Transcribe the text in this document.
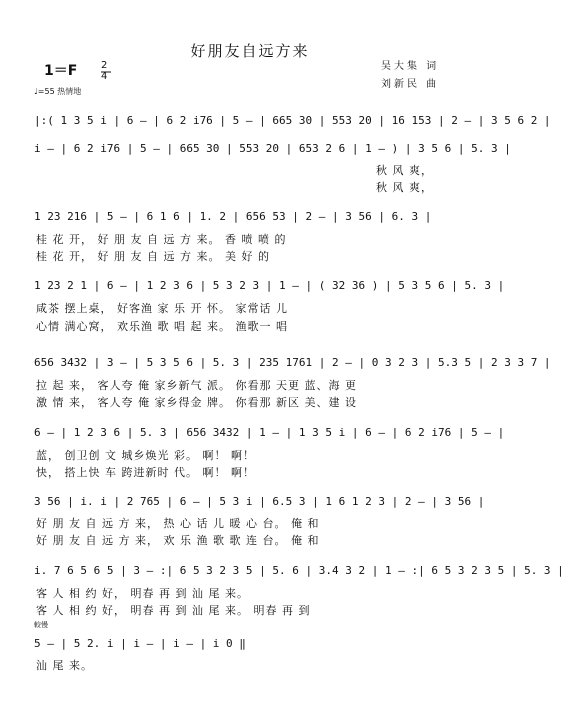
好朋友自远方来
1＝F 2
4
吴大集 词
刘新民 曲
♩=55 热情地
|:( 1 3 5 i | 6 — | 6 2 i76 | 5 — | 665 30 | 553 20 | 16 153 | 2 — | 3 5 6 2 |
i — | 6 2 i76 | 5 — | 665 30 | 553 20 | 653 2 6 | 1 — ) | 3 5 6 | 5. 3 |
秋 风 爽，
秋 风 爽，
1 23 216 | 5 — | 6 1 6 | 1. 2 | 656 53 | 2 — | 3 56 | 6. 3 |
桂 花 开， 好 朋 友 自 远 方 来。 香 喷 喷 的
桂 花 开， 好 朋 友 自 远 方 来。 美 好 的
1 23 2 1 | 6 — | 1 2 3 6 | 5 3 2 3 | 1 — | ( 32 36 ) | 5 3 5 6 | 5. 3 |
咸茶 摆上桌， 好客渔 家 乐 开 怀。 家常话 儿
心情 满心窝， 欢乐渔 歌 唱 起 来。 渔歌一 唱
656 3432 | 3 — | 5 3 5 6 | 5. 3 | 235 1761 | 2 — | 0 3 2 3 | 5.3 5 | 2 3 3 7 |
拉 起 来， 客人夸 俺 家乡新气 派。 你看那 天更 蓝、海 更
激 情 来， 客人夸 俺 家乡得金 牌。 你看那 新区 美、建 设
6 — | 1 2 3 6 | 5. 3 | 656 3432 | 1 — | 1 3 5 i | 6 — | 6 2 i76 | 5 — |
蓝， 创卫创 文 城乡焕光 彩。 啊！ 啊！
快， 搭上快 车 跨进新时 代。 啊！ 啊！
3 56 | i. i | 2 765 | 6 — | 5 3 i | 6.5 3 | 1 6 1 2 3 | 2 — | 3 56 |
好 朋 友 自 远 方 来， 热 心 话 儿 暖 心 台。 俺 和
好 朋 友 自 远 方 来， 欢 乐 渔 歌 歌 连 台。 俺 和
i. 7 6 5 6 5 | 3 — :| 6 5 3 2 3 5 | 5. 6 | 3.4 3 2 | 1 — :| 6 5 3 2 3 5 | 5. 3 |
客 人 相 约 好， 明春 再 到 汕 尾 来。
客 人 相 约 好， 明春 再 到 汕 尾 来。 明春 再 到
較慢
5 — | 5 2. i | i — | i — | i 0 ‖
汕 尾 来。
